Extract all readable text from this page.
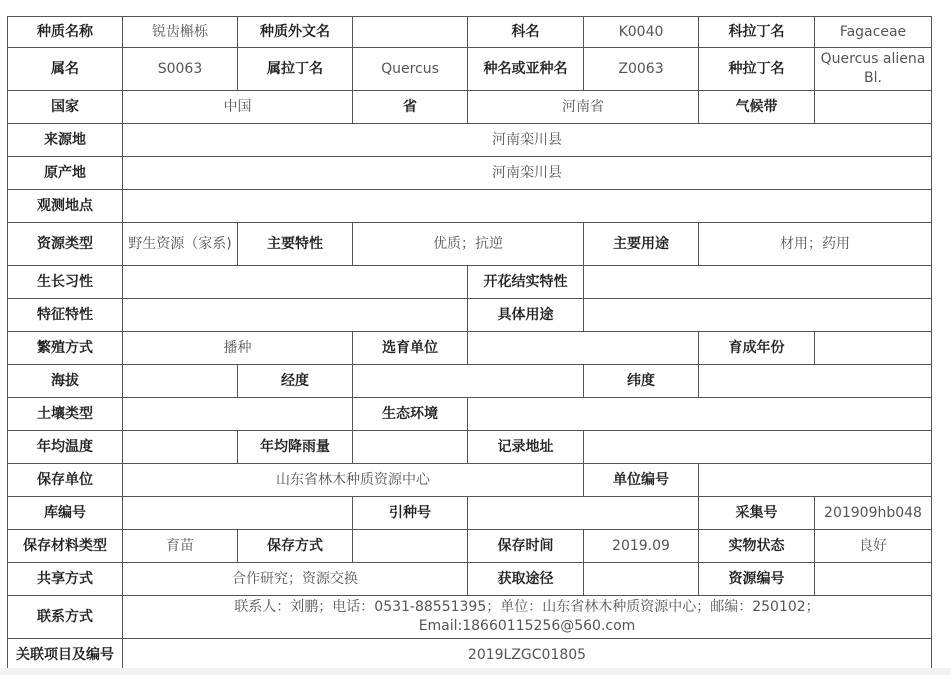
种质名称	锐齿槲栎	种质外文名		科名	K0040	科拉丁名	Fagaceae
属名	S0063	属拉丁名	Quercus	种名或亚种名	Z0063	种拉丁名	Quercus aliena Bl.
国家	中国		省	河南省		气候带	
来源地	河南栾川县						
原产地	河南栾川县						
观测地点							
资源类型	野生资源（家系)	主要特性	优质；抗逆		主要用途	材用；药用	
生长习性				开花结实特性			
特征特性				具体用途			
繁殖方式	播种		选育单位			育成年份	
海拔		经度			纬度		
土壤类型			生态环境				
年均温度		年均降雨量		记录地址			
保存单位	山东省林木种质资源中心				单位编号		
库编号			引种号			采集号	201909hb048
保存材料类型	育苗	保存方式		保存时间	2019.09	实物状态	良好
共享方式	合作研究；资源交换			获取途径		资源编号	
联系方式	联系人：刘鹏；电话：0531-88551395；单位：山东省林木种质资源中心；邮编：250102；
Email:18660115256@560.com						

关联项目及编号	2019LZGC01805						
